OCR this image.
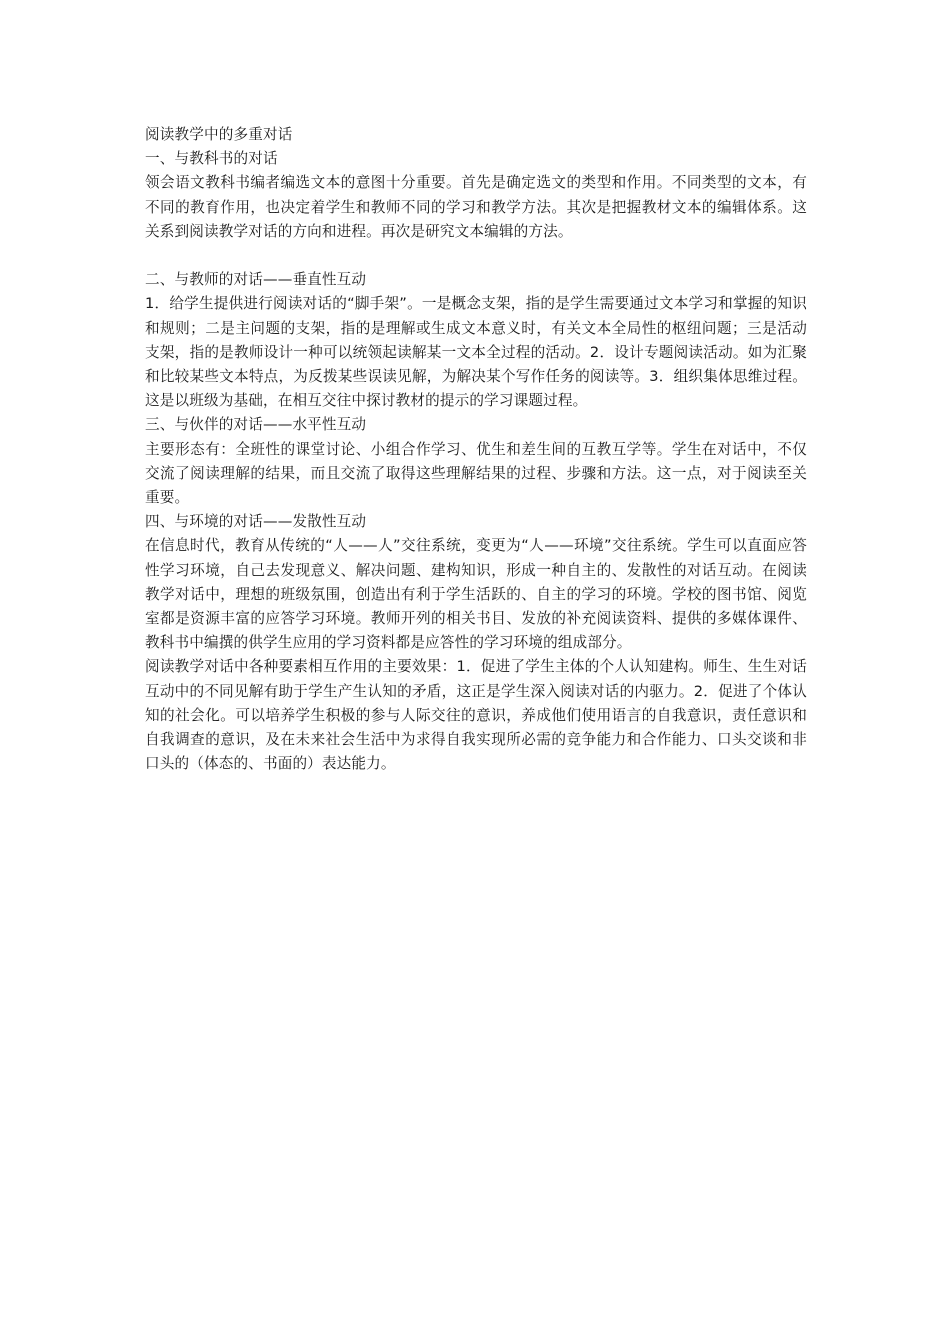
阅读教学中的多重对话
一、与教科书的对话

领会语文教科书编者编选文本的意图十分重要。首先是确定选文的类型和作用。不同类型的文本，有不同的教育作用，也决定着学生和教师不同的学习和教学方法。其次是把握教材文本的编辑体系。这关系到阅读教学对话的方向和进程。再次是研究文本编辑的方法。

二、与教师的对话——垂直性互动

1．给学生提供进行阅读对话的“脚手架”。一是概念支架，指的是学生需要通过文本学习和掌握的知识和规则；二是主问题的支架，指的是理解或生成文本意义时，有关文本全局性的枢纽问题；三是活动支架，指的是教师设计一种可以统领起读解某一文本全过程的活动。2．设计专题阅读活动。如为汇聚和比较某些文本特点，为反拨某些误读见解，为解决某个写作任务的阅读等。3．组织集体思维过程。这是以班级为基础，在相互交往中探讨教材的提示的学习课题过程。

三、与伙伴的对话——水平性互动

主要形态有：全班性的课堂讨论、小组合作学习、优生和差生间的互教互学等。学生在对话中，不仅交流了阅读理解的结果，而且交流了取得这些理解结果的过程、步骤和方法。这一点，对于阅读至关重要。

四、与环境的对话——发散性互动

在信息时代，教育从传统的“人——人”交往系统，变更为“人——环境”交往系统。学生可以直面应答性学习环境，自己去发现意义、解决问题、建构知识，形成一种自主的、发散性的对话互动。在阅读教学对话中，理想的班级氛围，创造出有利于学生活跃的、自主的学习的环境。学校的图书馆、阅览室都是资源丰富的应答学习环境。教师开列的相关书目、发放的补充阅读资料、提供的多媒体课件、教科书中编撰的供学生应用的学习资料都是应答性的学习环境的组成部分。

阅读教学对话中各种要素相互作用的主要效果：1．促进了学生主体的个人认知建构。师生、生生对话互动中的不同见解有助于学生产生认知的矛盾，这正是学生深入阅读对话的内驱力。2．促进了个体认知的社会化。可以培养学生积极的参与人际交往的意识，养成他们使用语言的自我意识，责任意识和自我调查的意识，及在未来社会生活中为求得自我实现所必需的竞争能力和合作能力、口头交谈和非口头的（体态的、书面的）表达能力。
